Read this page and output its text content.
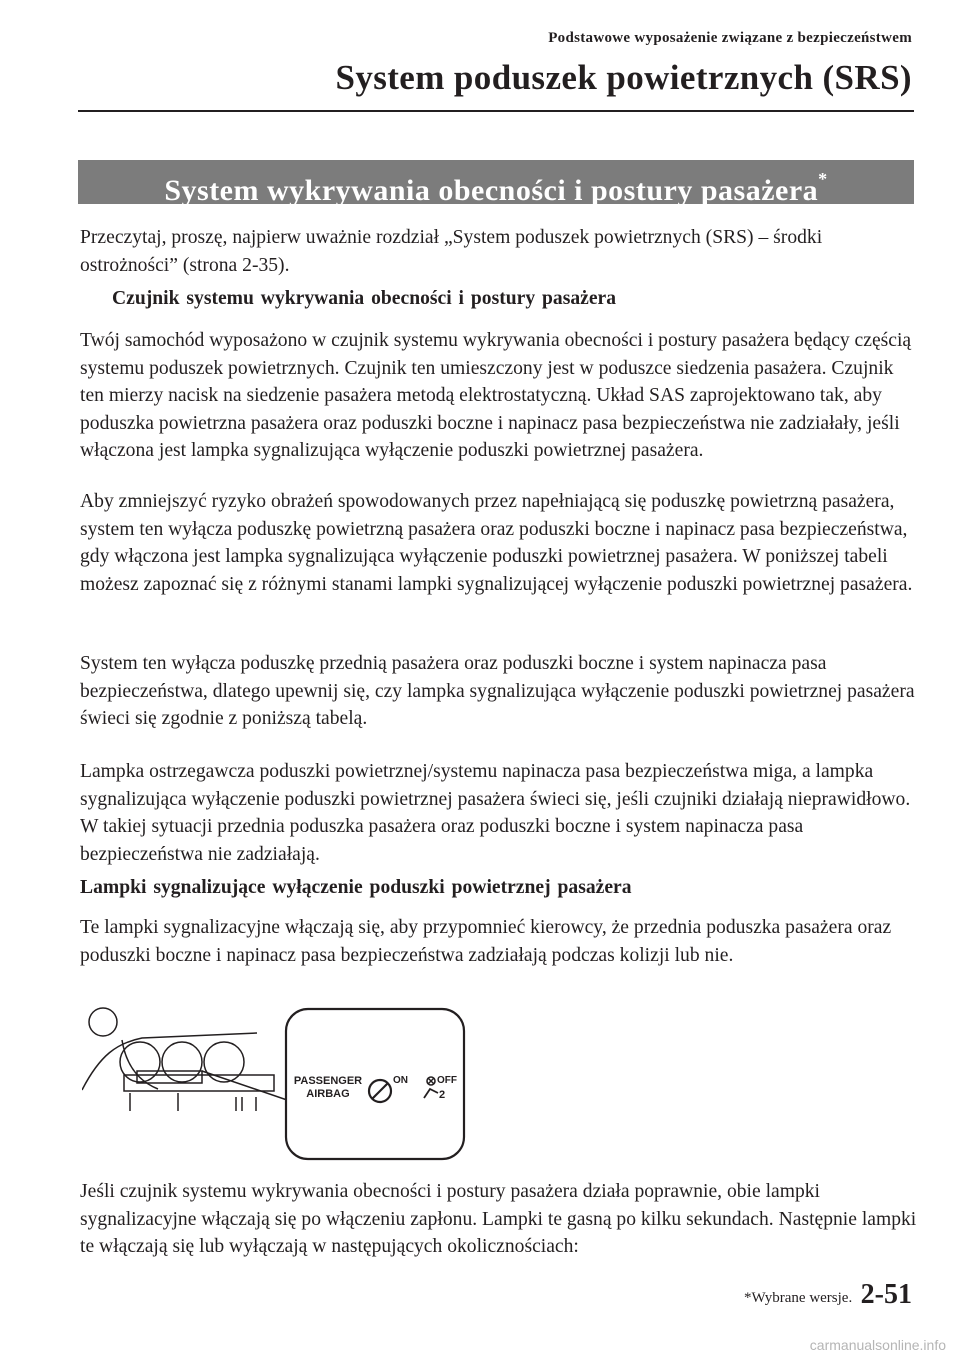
Podstawowe wyposażenie związane z bezpieczeństwem
System poduszek powietrznych (SRS)
System wykrywania obecności i postury pasażera*
Przeczytaj, proszę, najpierw uważnie rozdział „System poduszek powietrznych (SRS) – środki ostrożności” (strona 2-35).
Czujnik systemu wykrywania obecności i postury pasażera
Twój samochód wyposażono w czujnik systemu wykrywania obecności i postury pasażera będący częścią systemu poduszek powietrznych. Czujnik ten umieszczony jest w poduszce siedzenia pasażera. Czujnik ten mierzy nacisk na siedzenie pasażera metodą elektrostatyczną. Układ SAS zaprojektowano tak, aby poduszka powietrzna pasażera oraz poduszki boczne i napinacz pasa bezpieczeństwa nie zadziałały, jeśli włączona jest lampka sygnalizująca wyłączenie poduszki powietrznej pasażera.
Aby zmniejszyć ryzyko obrażeń spowodowanych przez napełniającą się poduszkę powietrzną pasażera, system ten wyłącza poduszkę powietrzną pasażera oraz poduszki boczne i napinacz pasa bezpieczeństwa, gdy włączona jest lampka sygnalizująca wyłączenie poduszki powietrznej pasażera. W poniższej tabeli możesz zapoznać się z różnymi stanami lampki sygnalizującej wyłączenie poduszki powietrznej pasażera.
System ten wyłącza poduszkę przednią pasażera oraz poduszki boczne i system napinacza pasa bezpieczeństwa, dlatego upewnij się, czy lampka sygnalizująca wyłączenie poduszki powietrznej pasażera świeci się zgodnie z poniższą tabelą.
Lampka ostrzegawcza poduszki powietrznej/systemu napinacza pasa bezpieczeństwa miga, a lampka sygnalizująca wyłączenie poduszki powietrznej pasażera świeci się, jeśli czujniki działają nieprawidłowo. W takiej sytuacji przednia poduszka pasażera oraz poduszki boczne i system napinacza pasa bezpieczeństwa nie zadziałają.
Lampki sygnalizujące wyłączenie poduszki powietrznej pasażera
Te lampki sygnalizacyjne włączają się, aby przypomnieć kierowcy, że przednia poduszka pasażera oraz poduszki boczne i napinacz pasa bezpieczeństwa zadziałają podczas kolizji lub nie.
PASSENGER
AIRBAG
ON	OFF
2
Jeśli czujnik systemu wykrywania obecności i postury pasażera działa poprawnie, obie lampki sygnalizacyjne włączają się po włączeniu zapłonu. Lampki te gasną po kilku sekundach. Następnie lampki te włączają się lub wyłączają w następujących okolicznościach:
*Wybrane wersje. 2-51
carmanualsonline.info
